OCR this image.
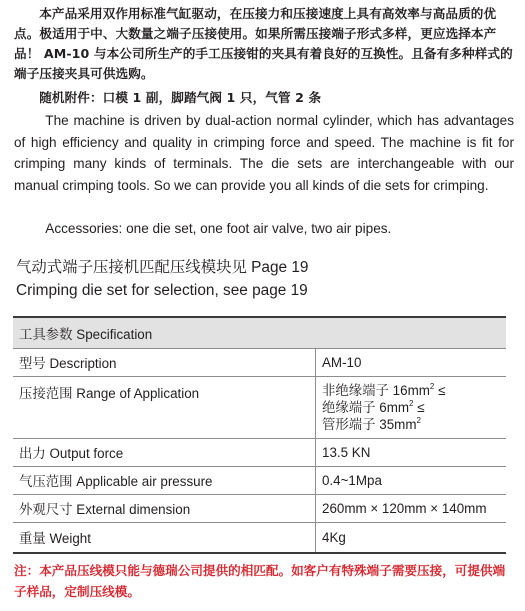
本产品采用双作用标准气缸驱动，在压接力和压接速度上具有高效率与高品质的优点。极适用于中、大数量之端子压接使用。如果所需压接端子形式多样，更应选择本产品！ AM-10 与本公司所生产的手工压接钳的夹具有着良好的互换性。且备有多种样式的端子压接夹具可供选购。

随机附件：口模 1 副，脚踏气阀 1 只，气管 2 条

The machine is driven by dual-action normal cylinder, which has advantages of high efficiency and quality in crimping force and speed. The machine is fit for crimping many kinds of terminals. The die sets are interchangeable with our manual crimping tools. So we can provide you all kinds of die sets for crimping.

Accessories: one die set, one foot air valve, two air pipes.

气动式端子压接机匹配压线模块见 Page 19

Crimping die set for selection, see page 19

工具参数 Specification	
型号 Description	AM-10
压接范围 Range of Application	非绝缘端子 $16mm^2$ ≤
绝缘端子 $6mm^2$ ≤
管形端子 $35mm^2$

出力 Output force	13.5 KN
气压范围 Applicable air pressure	0.4~1Mpa
外观尺寸 External dimension	260mm × 120mm × 140mm
重量 Weight	4Kg

注：本产品压线模只能与德瑞公司提供的相匹配。如客户有特殊端子需要压接，可提供端子样品，定制压线模。
